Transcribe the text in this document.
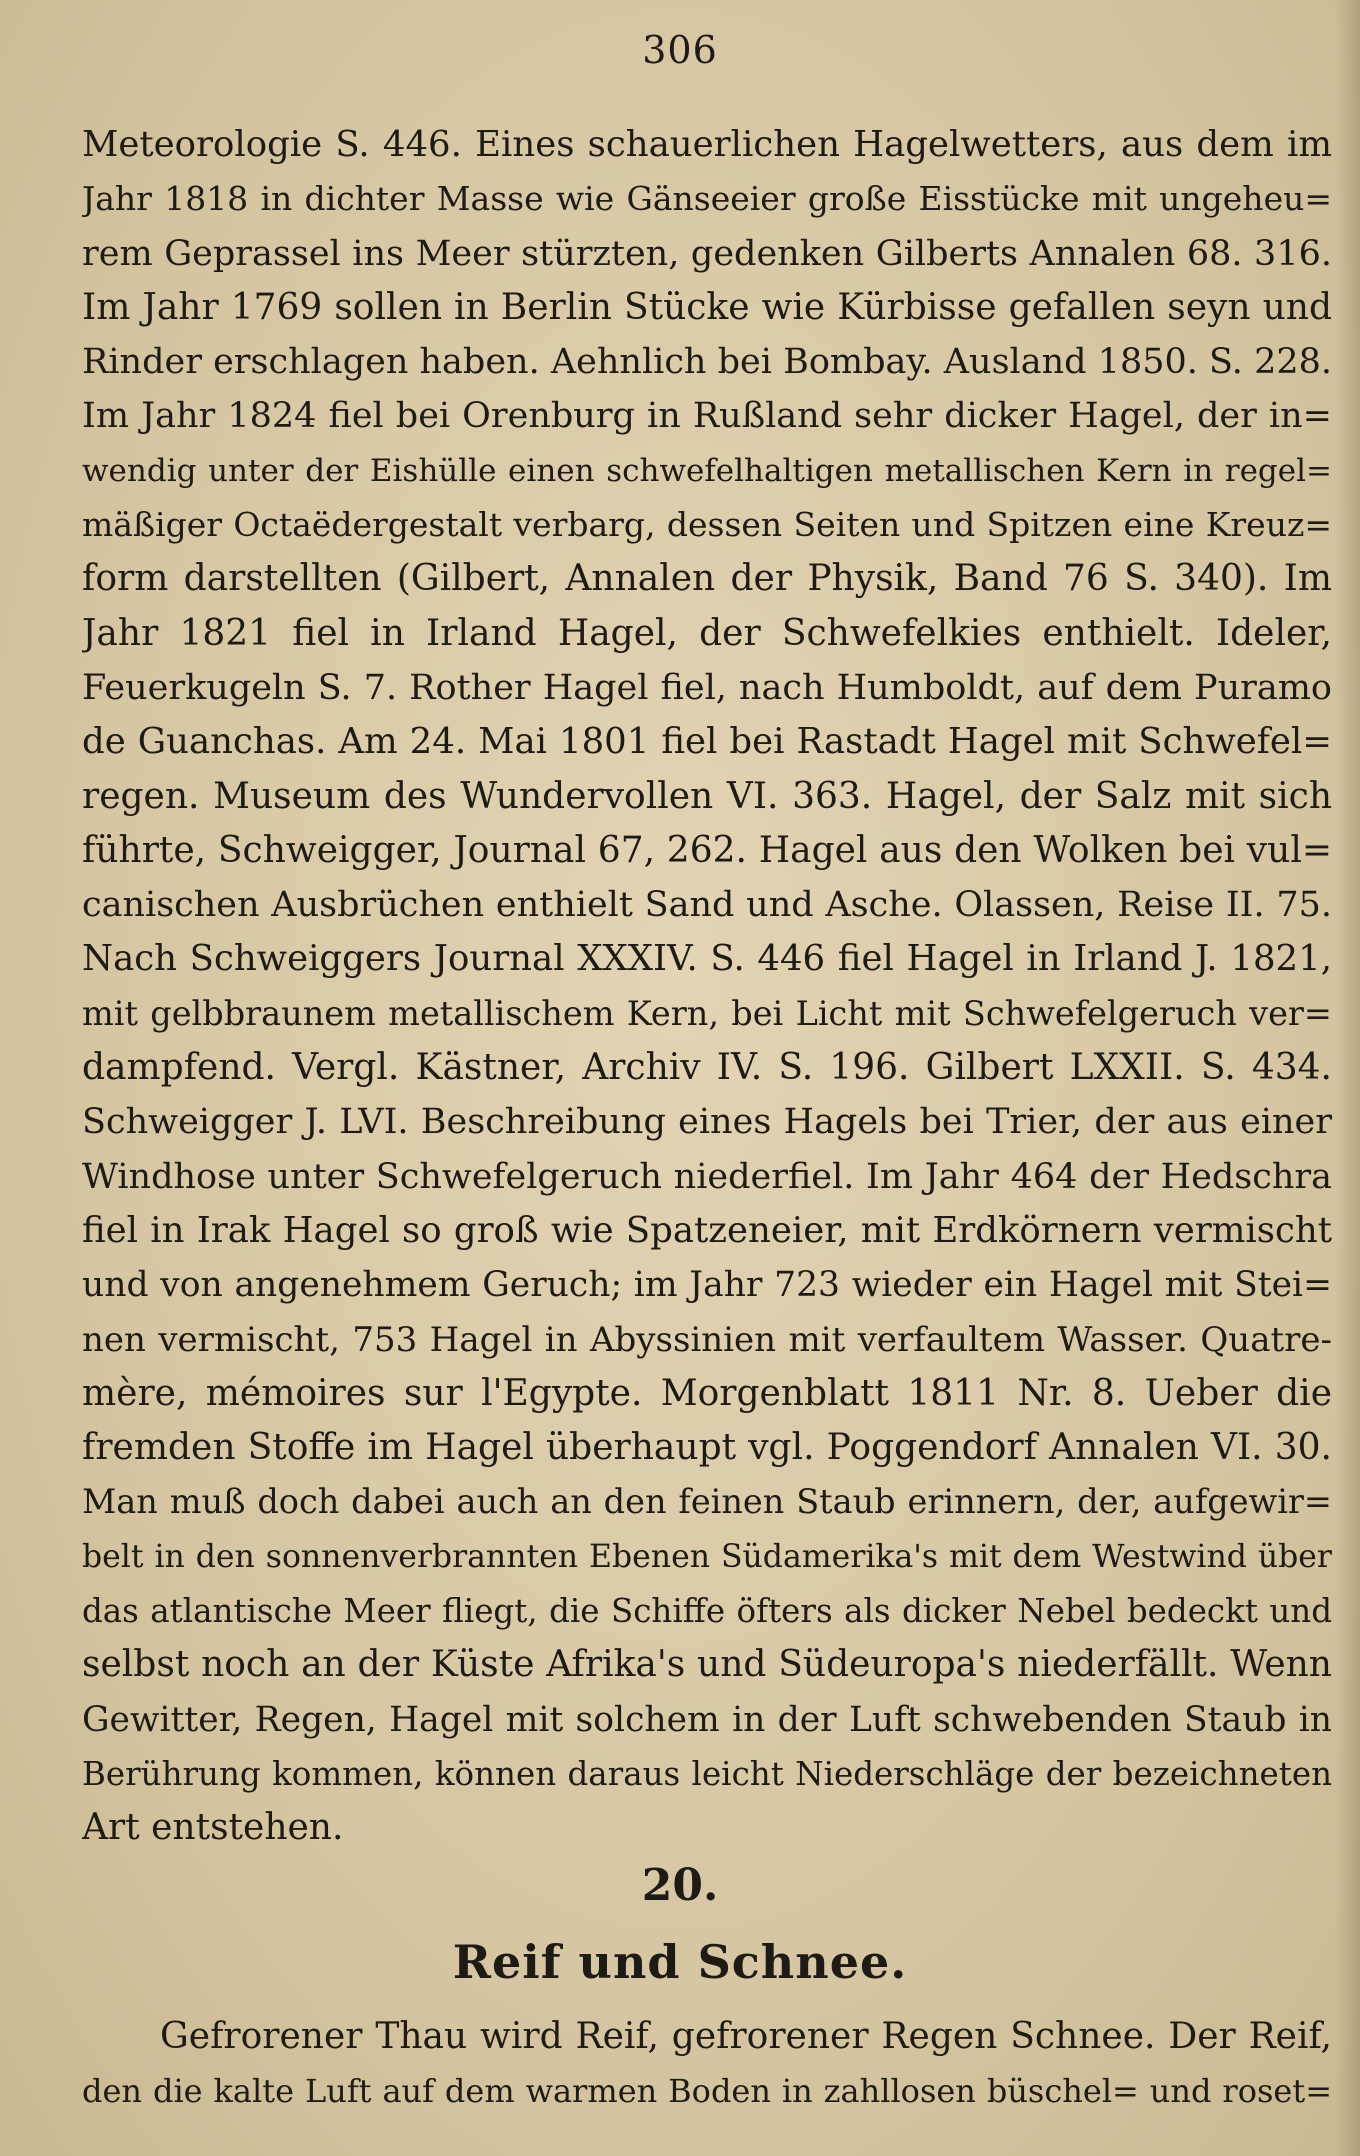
306
Meteorologie S. 446. Eines schauerlichen Hagelwetters, aus dem im
Jahr 1818 in dichter Masse wie Gänseeier große Eisstücke mit ungeheu=
rem Geprassel ins Meer stürzten, gedenken Gilberts Annalen 68. 316.
Im Jahr 1769 sollen in Berlin Stücke wie Kürbisse gefallen seyn und
Rinder erschlagen haben. Aehnlich bei Bombay. Ausland 1850. S. 228.
Im Jahr 1824 fiel bei Orenburg in Rußland sehr dicker Hagel, der in=
wendig unter der Eishülle einen schwefelhaltigen metallischen Kern in regel=
mäßiger Octaëdergestalt verbarg, dessen Seiten und Spitzen eine Kreuz=
form darstellten (Gilbert, Annalen der Physik, Band 76 S. 340). Im
Jahr 1821 fiel in Irland Hagel, der Schwefelkies enthielt. Ideler,
Feuerkugeln S. 7. Rother Hagel fiel, nach Humboldt, auf dem Puramo
de Guanchas. Am 24. Mai 1801 fiel bei Rastadt Hagel mit Schwefel=
regen. Museum des Wundervollen VI. 363. Hagel, der Salz mit sich
führte, Schweigger, Journal 67, 262. Hagel aus den Wolken bei vul=
canischen Ausbrüchen enthielt Sand und Asche. Olassen, Reise II. 75.
Nach Schweiggers Journal XXXIV. S. 446 fiel Hagel in Irland J. 1821,
mit gelbbraunem metallischem Kern, bei Licht mit Schwefelgeruch ver=
dampfend. Vergl. Kästner, Archiv IV. S. 196. Gilbert LXXII. S. 434.
Schweigger J. LVI. Beschreibung eines Hagels bei Trier, der aus einer
Windhose unter Schwefelgeruch niederfiel. Im Jahr 464 der Hedschra
fiel in Irak Hagel so groß wie Spatzeneier, mit Erdkörnern vermischt
und von angenehmem Geruch; im Jahr 723 wieder ein Hagel mit Stei=
nen vermischt, 753 Hagel in Abyssinien mit verfaultem Wasser. Quatre-
mère, mémoires sur l'Egypte. Morgenblatt 1811 Nr. 8. Ueber die
fremden Stoffe im Hagel überhaupt vgl. Poggendorf Annalen VI. 30.
Man muß doch dabei auch an den feinen Staub erinnern, der, aufgewir=
belt in den sonnenverbrannten Ebenen Südamerika's mit dem Westwind über
das atlantische Meer fliegt, die Schiffe öfters als dicker Nebel bedeckt und
selbst noch an der Küste Afrika's und Südeuropa's niederfällt. Wenn
Gewitter, Regen, Hagel mit solchem in der Luft schwebenden Staub in
Berührung kommen, können daraus leicht Niederschläge der bezeichneten
Art entstehen.
20.
Reif und Schnee.
Gefrorener Thau wird Reif, gefrorener Regen Schnee. Der Reif,
den die kalte Luft auf dem warmen Boden in zahllosen büschel= und roset=
